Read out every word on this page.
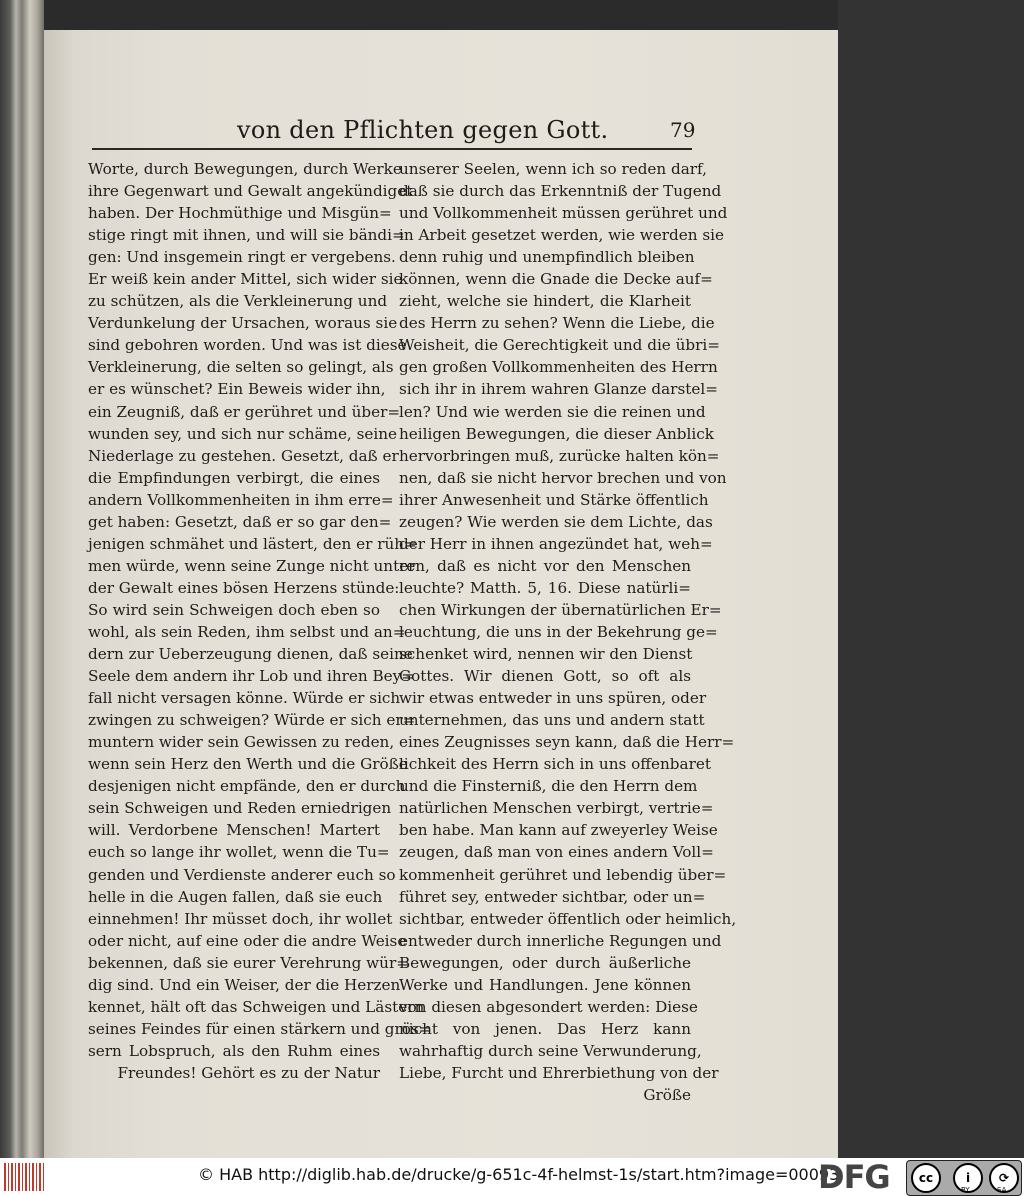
von den Pflichten gegen Gott.	79
Worte, durch Bewegungen, durch Werke
ihre Gegenwart und Gewalt angekündiget
haben. Der Hochmüthige und Misgün=
stige ringt mit ihnen, und will sie bändi=
gen: Und insgemein ringt er vergebens.
Er weiß kein ander Mittel, sich wider sie
zu schützen, als die Verkleinerung und
Verdunkelung der Ursachen, woraus sie
sind gebohren worden. Und was ist diese
Verkleinerung, die selten so gelingt, als
er es wünschet? Ein Beweis wider ihn,
ein Zeugniß, daß er gerühret und über=
wunden sey, und sich nur schäme, seine
Niederlage zu gestehen. Gesetzt, daß er
die Empfindungen verbirgt, die eines
andern Vollkommenheiten in ihm erre=
get haben: Gesetzt, daß er so gar den=
jenigen schmähet und lästert, den er rüh=
men würde, wenn seine Zunge nicht unter
der Gewalt eines bösen Herzens stünde:
So wird sein Schweigen doch eben so
wohl, als sein Reden, ihm selbst und an=
dern zur Ueberzeugung dienen, daß seine
Seele dem andern ihr Lob und ihren Bey=
fall nicht versagen könne. Würde er sich
zwingen zu schweigen? Würde er sich er=
muntern wider sein Gewissen zu reden,
wenn sein Herz den Werth und die Größe
desjenigen nicht empfände, den er durch
sein Schweigen und Reden erniedrigen
will. Verdorbene Menschen! Martert
euch so lange ihr wollet, wenn die Tu=
genden und Verdienste anderer euch so
helle in die Augen fallen, daß sie euch
einnehmen! Ihr müsset doch, ihr wollet
oder nicht, auf eine oder die andre Weise
bekennen, daß sie eurer Verehrung wür=
dig sind. Und ein Weiser, der die Herzen
kennet, hält oft das Schweigen und Lästern
seines Feindes für einen stärkern und grös=
sern Lobspruch, als den Ruhm eines
Freundes! Gehört es zu der Natur
unserer Seelen, wenn ich so reden darf,
daß sie durch das Erkenntniß der Tugend
und Vollkommenheit müssen gerühret und
in Arbeit gesetzet werden, wie werden sie
denn ruhig und unempfindlich bleiben
können, wenn die Gnade die Decke auf=
zieht, welche sie hindert, die Klarheit
des Herrn zu sehen? Wenn die Liebe, die
Weisheit, die Gerechtigkeit und die übri=
gen großen Vollkommenheiten des Herrn
sich ihr in ihrem wahren Glanze darstel=
len? Und wie werden sie die reinen und
heiligen Bewegungen, die dieser Anblick
hervorbringen muß, zurücke halten kön=
nen, daß sie nicht hervor brechen und von
ihrer Anwesenheit und Stärke öffentlich
zeugen? Wie werden sie dem Lichte, das
der Herr in ihnen angezündet hat, weh=
ren, daß es nicht vor den Menschen
leuchte? Matth. 5, 16. Diese natürli=
chen Wirkungen der übernatürlichen Er=
leuchtung, die uns in der Bekehrung ge=
schenket wird, nennen wir den Dienst
Gottes. Wir dienen Gott, so oft als
wir etwas entweder in uns spüren, oder
unternehmen, das uns und andern statt
eines Zeugnisses seyn kann, daß die Herr=
lichkeit des Herrn sich in uns offenbaret
und die Finsterniß, die den Herrn dem
natürlichen Menschen verbirgt, vertrie=
ben habe. Man kann auf zweyerley Weise
zeugen, daß man von eines andern Voll=
kommenheit gerühret und lebendig über=
führet sey, entweder sichtbar, oder un=
sichtbar, entweder öffentlich oder heimlich,
entweder durch innerliche Regungen und
Bewegungen, oder durch äußerliche
Werke und Handlungen. Jene können
von diesen abgesondert werden: Diese
nicht von jenen. Das Herz kann
wahrhaftig durch seine Verwunderung,
Liebe, Furcht und Ehrerbiethung von der
Größe
© HAB http://diglib.hab.de/drucke/g-651c-4f-helmst-1s/start.htm?image=00093
DFG	cc	i	⟳
BY	SA
